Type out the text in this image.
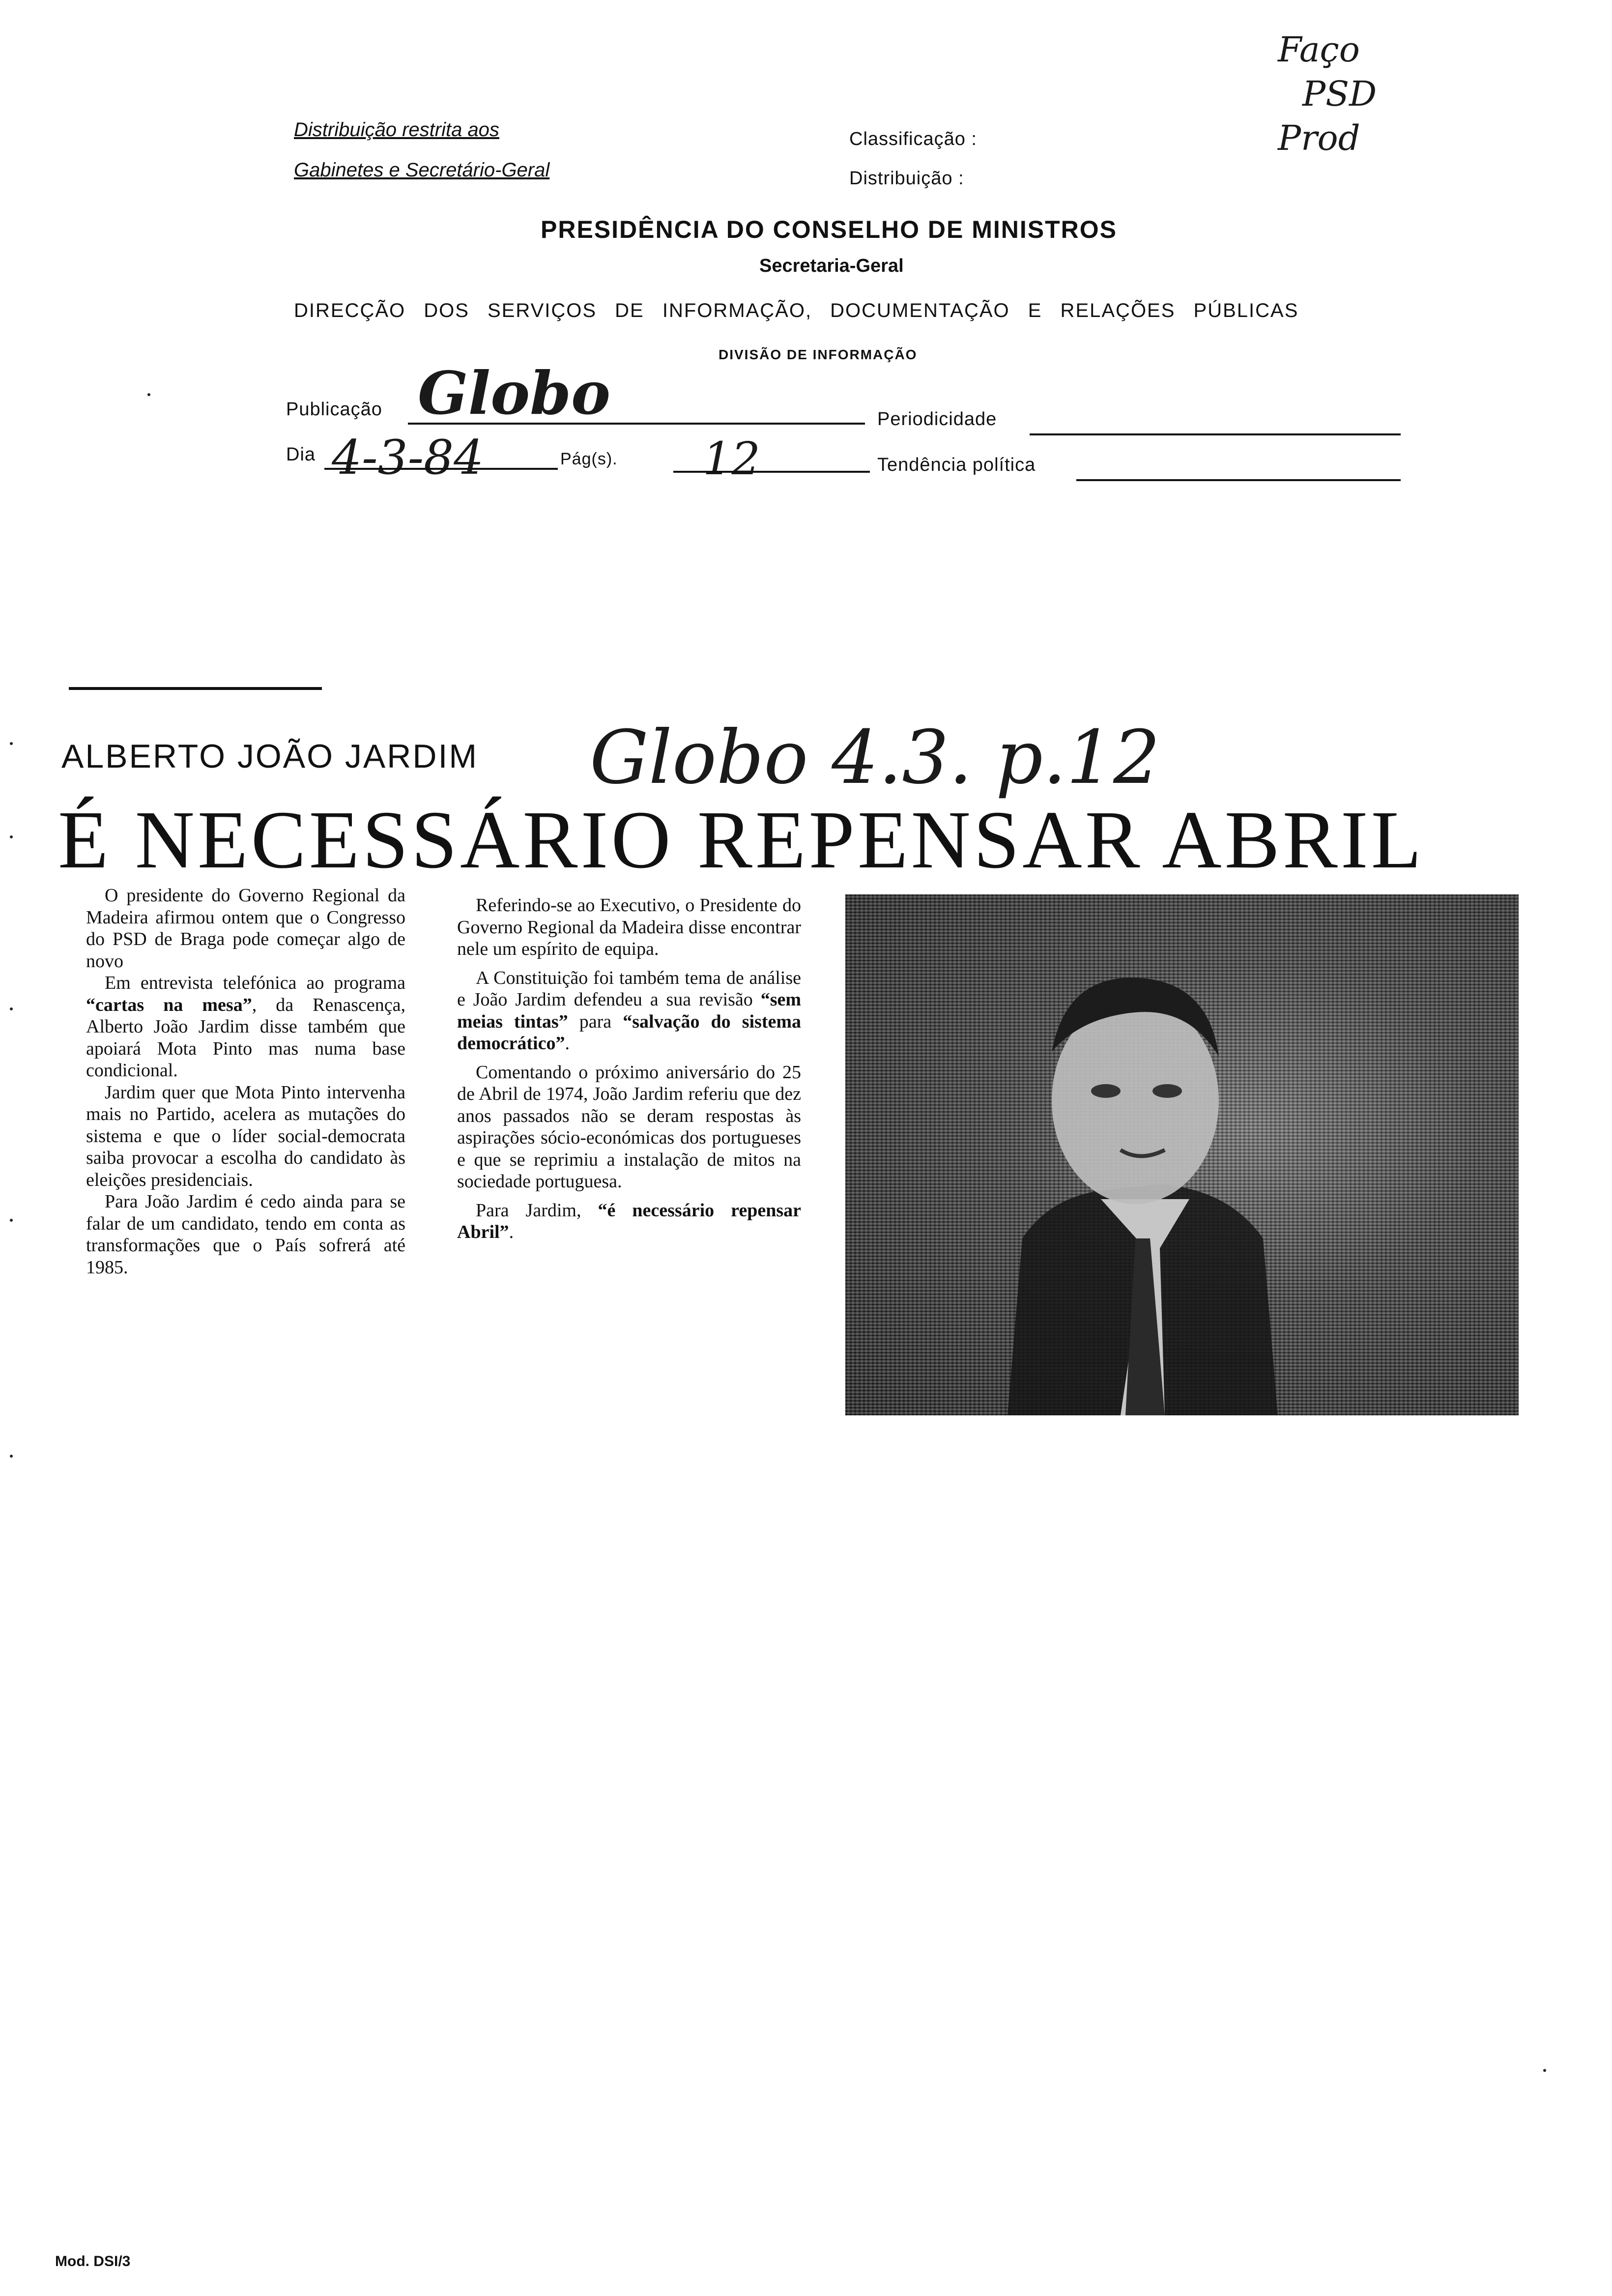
Distribuição restrita aos
Gabinetes e Secretário-Geral
Classificação :
Distribuição :
Faço
PSD
Prod
PRESIDÊNCIA DO CONSELHO DE MINISTROS
Secretaria-Geral
DIRECÇÃO DOS SERVIÇOS DE INFORMAÇÃO, DOCUMENTAÇÃO E RELAÇÕES PÚBLICAS
DIVISÃO DE INFORMAÇÃO
Publicação Globo	Periodicidade
Dia 4-3-84	Pág(s). 12	Tendência política
ALBERTO JOÃO JARDIM Globo 4.3. p.12
É NECESSÁRIO REPENSAR ABRIL

O presidente do Governo Regional da Madeira afirmou ontem que o Congresso do PSD de Braga pode começar algo de novo

Em entrevista telefónica ao programa “cartas na mesa”, da Renascença, Alberto João Jardim disse também que apoiará Mota Pinto mas numa base condicional.

Jardim quer que Mota Pinto intervenha mais no Partido, acelera as mutações do sistema e que o líder social-democrata saiba provocar a escolha do candidato às eleições presidenciais.

Para João Jardim é cedo ainda para se falar de um candidato, tendo em conta as transformações que o País sofrerá até 1985.

Referindo-se ao Executivo, o Presidente do Governo Regional da Madeira disse encontrar nele um espírito de equipa.

A Constituição foi também tema de análise e João Jardim defendeu a sua revisão “sem meias tintas” para “salvação do sistema democrático”.

Comentando o próximo aniversário do 25 de Abril de 1974, João Jardim referiu que dez anos passados não se deram respostas às aspirações sócio-económicas dos portugueses e que se reprimiu a instalação de mitos na sociedade portuguesa.

Para Jardim, “é necessário repensar Abril”.

Mod. DSI/3
